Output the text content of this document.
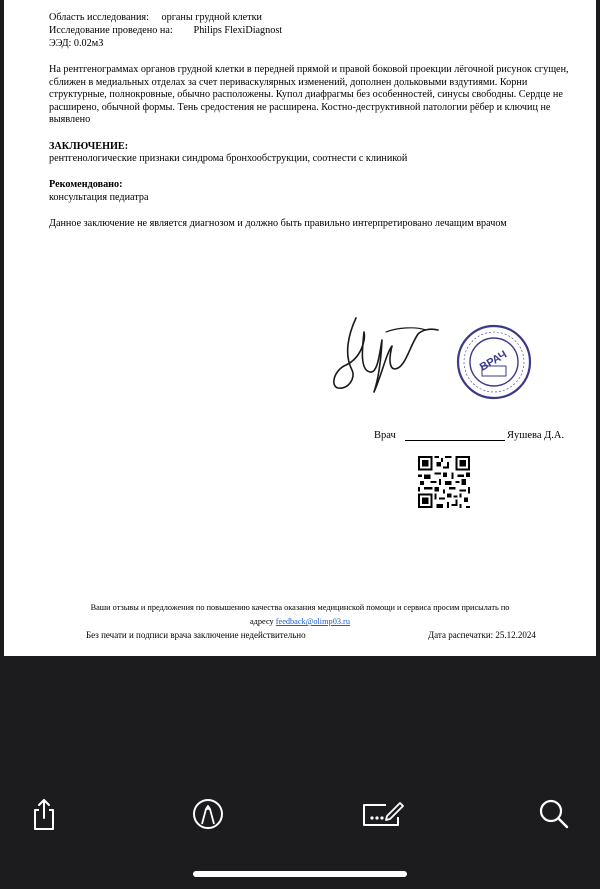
Область исследования: органы грудной клетки
Исследование проведено на: Philips FlexiDiagnost
ЭЭД: 0.02мЗ
На рентгенограммах органов грудной клетки в передней прямой и правой боковой проекции лёгочной рисунок сгущен, сближен в медиальных отделах за счет периваскулярных изменений, дополнен дольковыми вздутиями. Корни структурные, полнокровные, обычно расположены. Купол диафрагмы без особенностей, синусы свободны. Сердце не расширено, обычной формы. Тень средостения не расширена. Костно-деструктивной патологии рёбер и ключиц не выявлено
ЗАКЛЮЧЕНИЕ:
рентгенологические признаки синдрома бронхообструкции, соотнести с клиникой
Рекомендовано:
консультация педиатра
Данное заключение не является диагнозом и должно быть правильно интерпретировано лечащим врачом
ВРАЧ
Врач	Яушева Д.А.
Ваши отзывы и предложения по повышению качества оказания медицинской помощи и сервиса просим присылать по
адресу feedback@olimp03.ru
Без печати и подписи врача заключение недействительно	Дата распечатки: 25.12.2024
